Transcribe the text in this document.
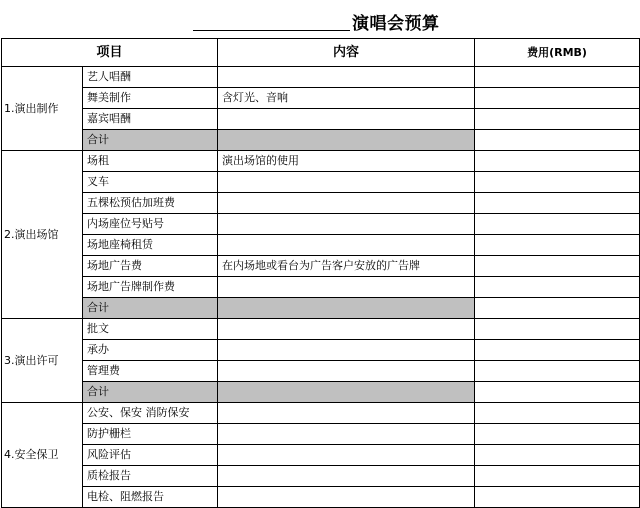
演唱会预算
项目		内容	费用(RMB)
1.演出制作	艺人唱酬		
	舞美制作	含灯光、音响	
	嘉宾唱酬		
	合计		
2.演出场馆	场租	演出场馆的使用	
	叉车		
	五棵松预估加班费		
	内场座位号贴号		
	场地座椅租赁		
	场地广告费	在内场地或看台为广告客户安放的广告牌	
	场地广告牌制作费		
	合计		
3.演出许可	批文		
	承办		
	管理费		
	合计		
4.安全保卫	公安、保安 消防保安		
	防护栅栏		
	风险评估		
	质检报告		
	电检、阻燃报告		
